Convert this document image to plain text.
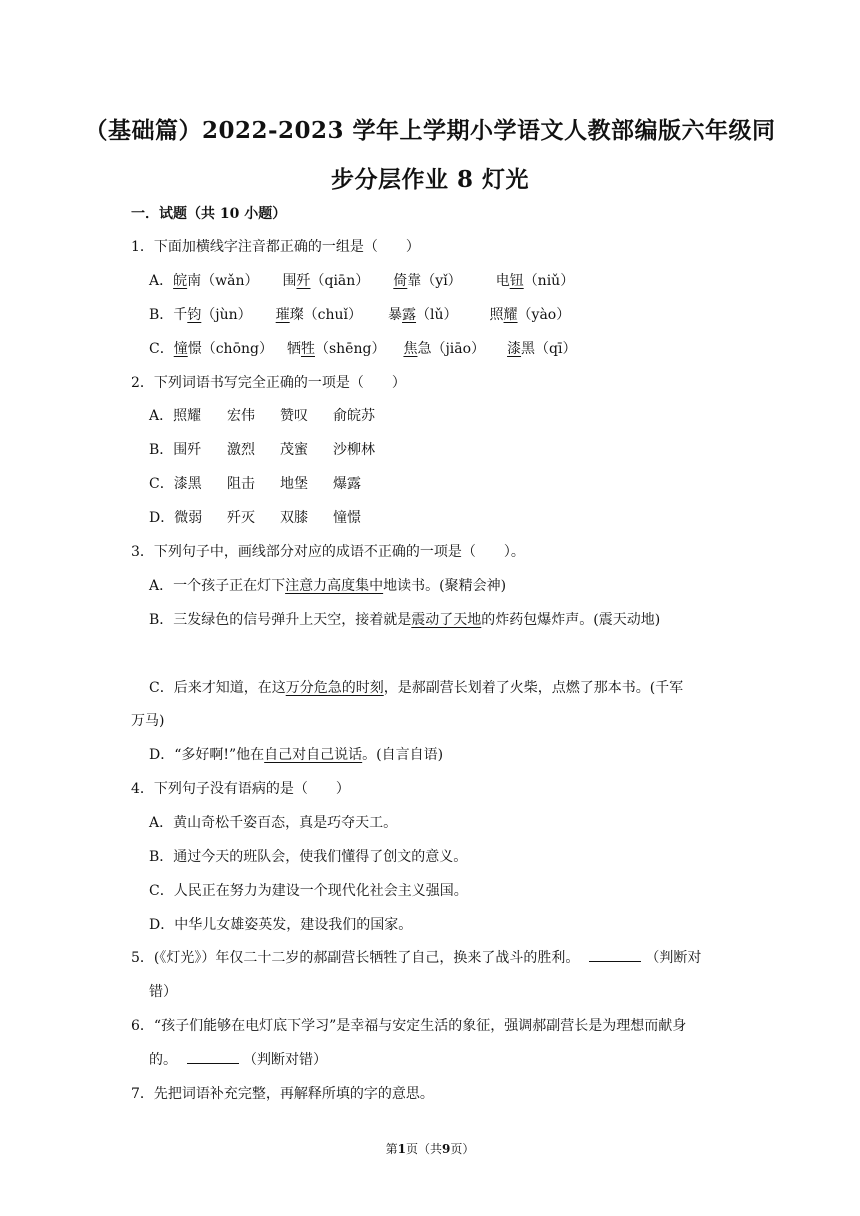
（基础篇）2022-2023 学年上学期小学语文人教部编版六年级同
步分层作业 8 灯光
一．试题（共 10 小题）
1．下面加横线字注音都正确的一组是（　　）
A．皖南（wǎn） 围歼（qiān） 倚靠（yǐ） 电钮（niǔ）
B．千钧（jùn） 璀璨（chuǐ） 暴露（lǔ） 照耀（yào）
C．憧憬（chōng） 牺牲（shēng） 焦急（jiāo） 漆黑（qī）
2．下列词语书写完全正确的一项是（　　）
A．照耀 宏伟 赞叹 俞皖苏
B．围歼 激烈 茂蜜 沙柳林
C．漆黑 阻击 地堡 爆露
D．微弱 歼灭 双膝 憧憬
3．下列句子中，画线部分对应的成语不正确的一项是（　　）。
A．一个孩子正在灯下注意力高度集中地读书。(聚精会神)
B．三发绿色的信号弹升上天空，接着就是震动了天地的炸药包爆炸声。(震天动地)
C．后来才知道，在这万分危急的时刻，是郝副营长划着了火柴，点燃了那本书。(千军
万马)
D．“多好啊!”他在自己对自己说话。(自言自语)
4．下列句子没有语病的是（　　）
A．黄山奇松千姿百态，真是巧夺天工。
B．通过今天的班队会，使我们懂得了创文的意义。
C．人民正在努力为建设一个现代化社会主义强国。
D．中华儿女雄姿英发，建设我们的国家。
5．(《灯光》）年仅二十二岁的郝副营长牺牲了自己，换来了战斗的胜利。	（判断对
错）
6．“孩子们能够在电灯底下学习”是幸福与安定生活的象征，强调郝副营长是为理想而献身
的。	（判断对错）
7．先把词语补充完整，再解释所填的字的意思。
第1页（共9页）
